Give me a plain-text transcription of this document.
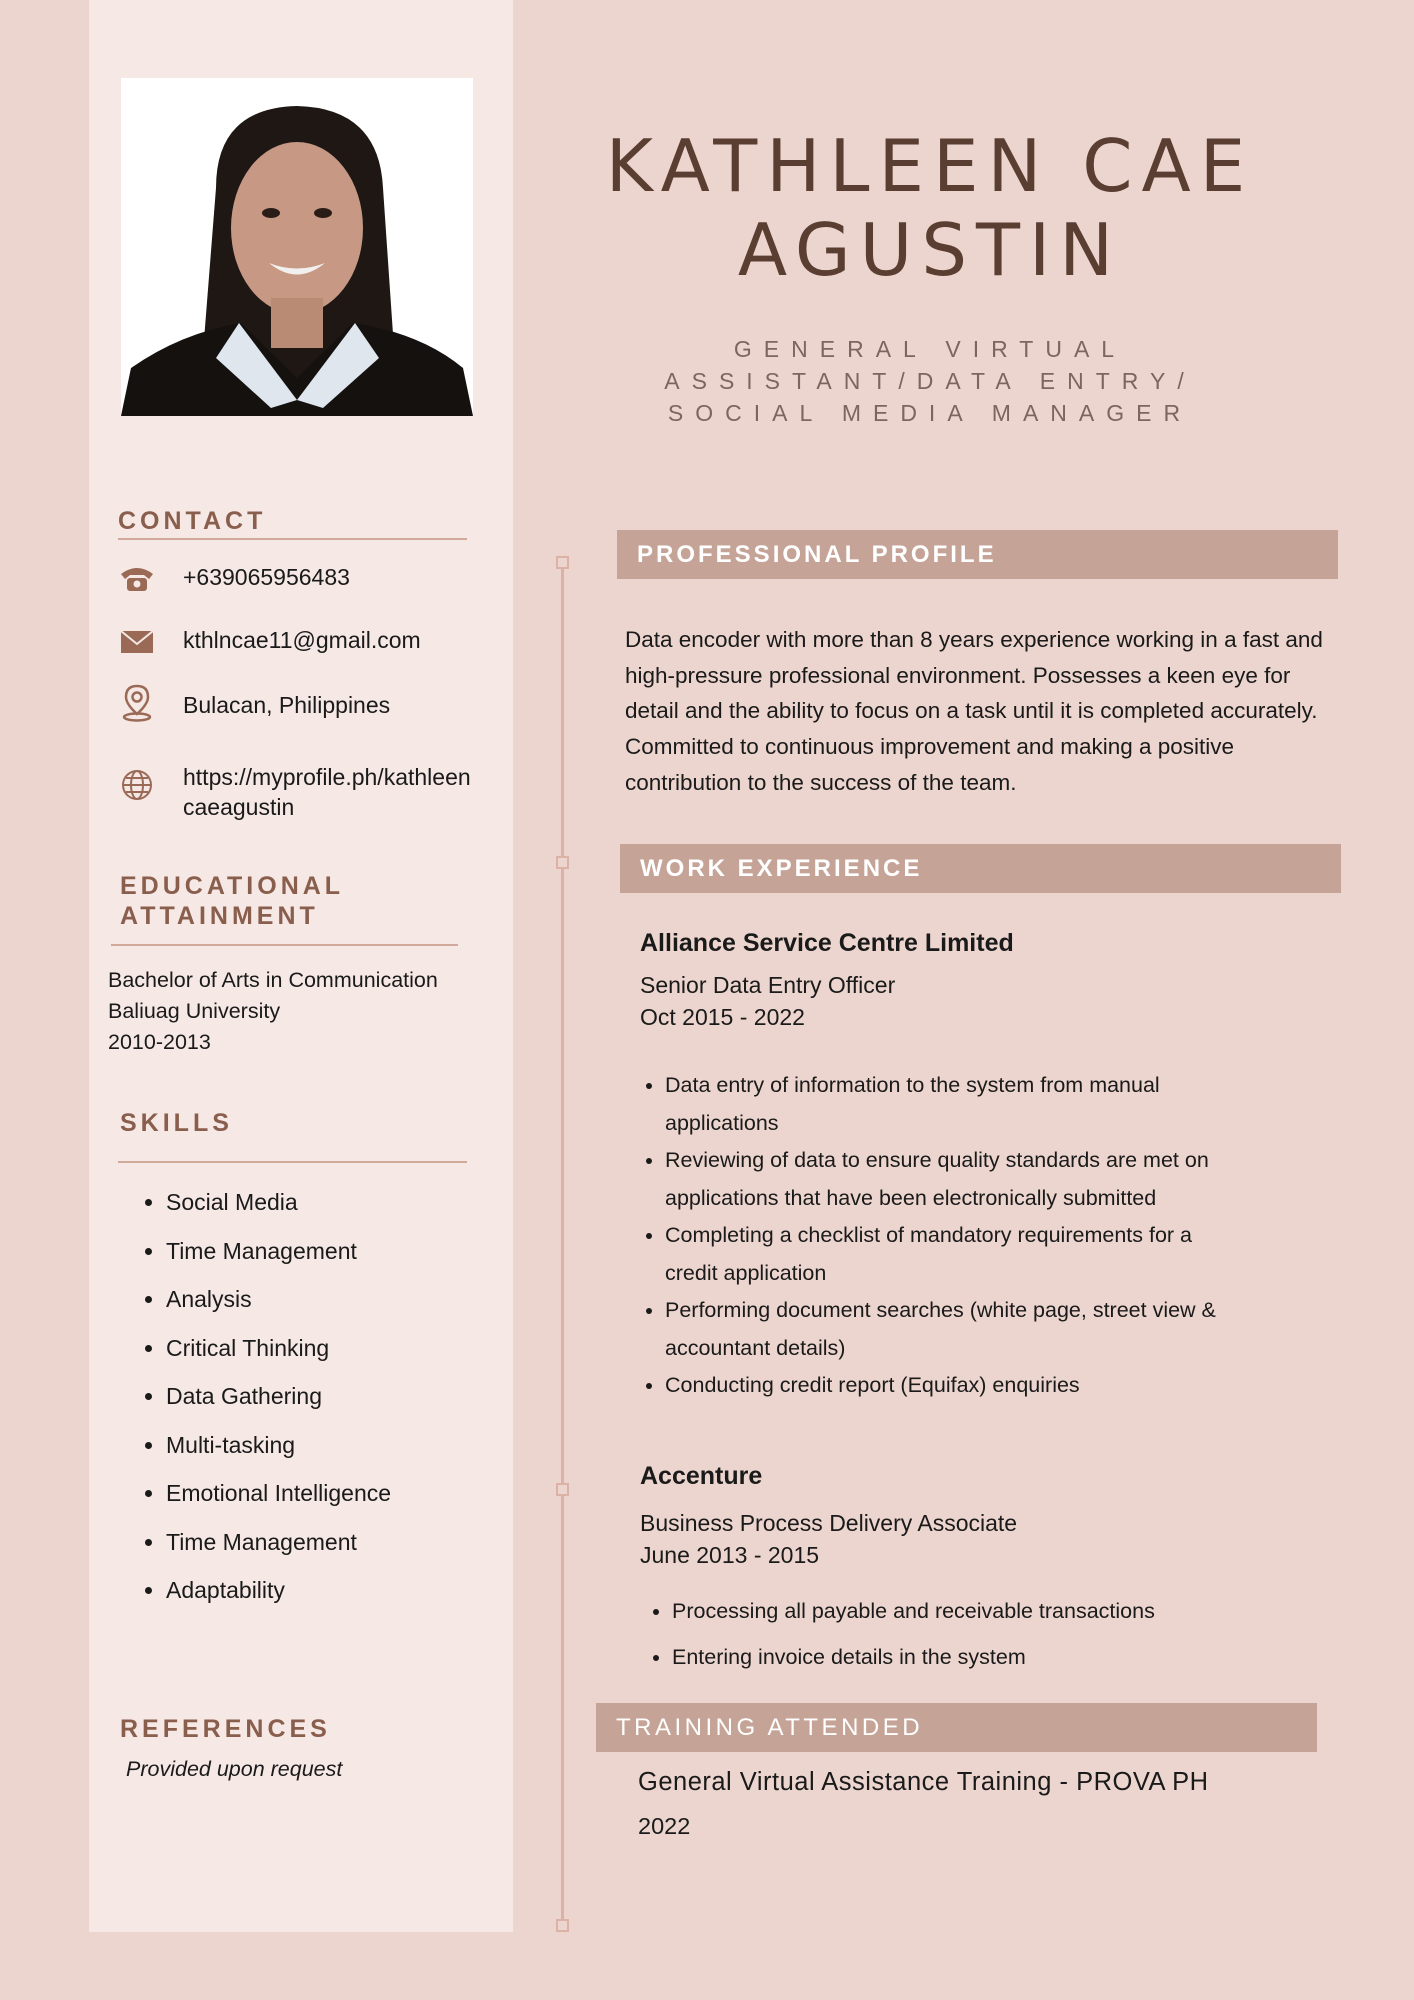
CONTACT
+639065956483
kthlncae11@gmail.com
Bulacan, Philippines
https://myprofile.ph/kathleencaeagustin
EDUCATIONAL
ATTAINMENT
Bachelor of Arts in Communication
Baliuag University
2010-2013
SKILLS
• Social Media
• Time Management
• Analysis
• Critical Thinking
• Data Gathering
• Multi-tasking
• Emotional Intelligence
• Time Management
• Adaptability
REFERENCES
Provided upon request
KATHLEEN CAE
AGUSTIN
GENERAL VIRTUAL
ASSISTANT/DATA ENTRY/
SOCIAL MEDIA MANAGER
PROFESSIONAL PROFILE
Data encoder with more than 8 years experience working in a fast and high-pressure professional environment. Possesses a keen eye for detail and the ability to focus on a task until it is completed accurately. Committed to continuous improvement and making a positive contribution to the success of the team.
WORK EXPERIENCE
Alliance Service Centre Limited
Senior Data Entry Officer
Oct 2015 - 2022
• Data entry of information to the system from manual applications
• Reviewing of data to ensure quality standards are met on applications that have been electronically submitted
• Completing a checklist of mandatory requirements for a credit application
• Performing document searches (white page, street view & accountant details)
• Conducting credit report (Equifax) enquiries
Accenture
Business Process Delivery Associate
June 2013 - 2015
• Processing all payable and receivable transactions
• Entering invoice details in the system
TRAINING ATTENDED
General Virtual Assistance Training - PROVA PH
2022
